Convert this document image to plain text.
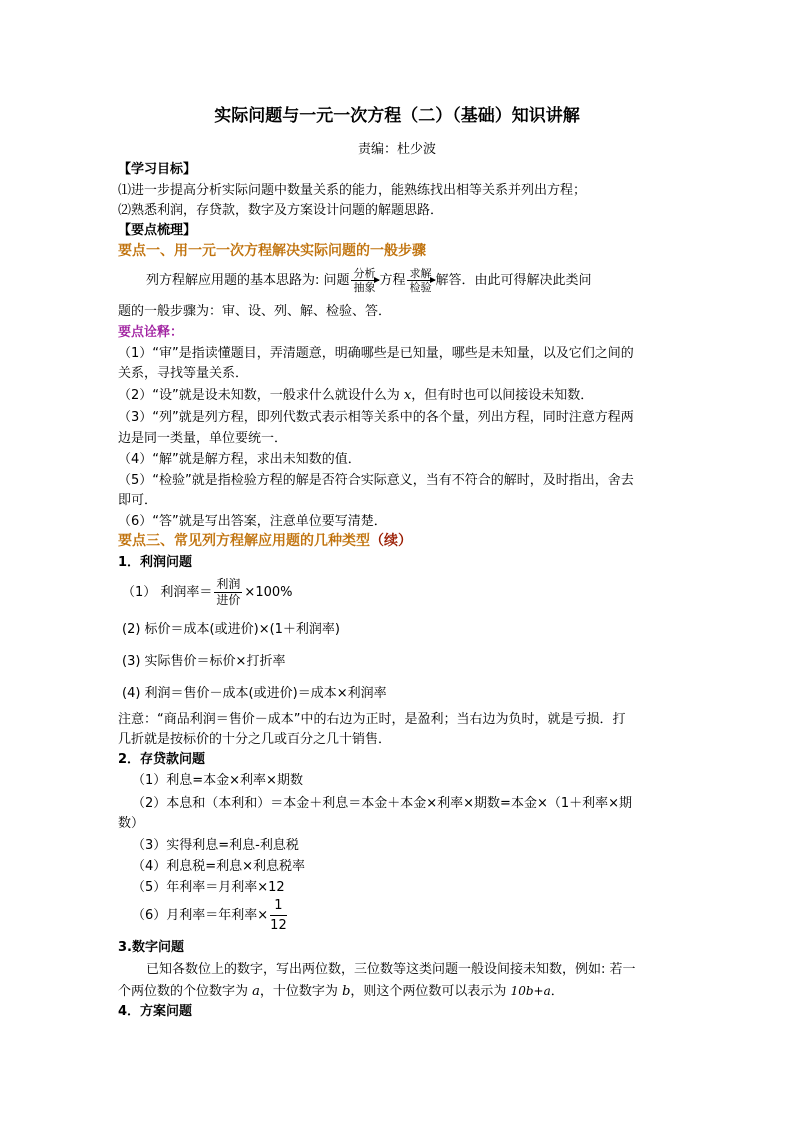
实际问题与一元一次方程（二）（基础）知识讲解
责编：杜少波
【学习目标】
⑴进一步提高分析实际问题中数量关系的能力，能熟练找出相等关系并列出方程；
⑵熟悉利润，存贷款，数字及方案设计问题的解题思路．
【要点梳理】
要点一、用一元一次方程解决实际问题的一般步骤
列方程解应用题的基本思路为: 问题 分析
抽象 方程 求解
检验 解答．由此可得解决此类问
题的一般步骤为：审、设、列、解、检验、答．
要点诠释：
（1）“审”是指读懂题目，弄清题意，明确哪些是已知量，哪些是未知量，以及它们之间的
关系，寻找等量关系．
（2）“设”就是设未知数，一般求什么就设什么为 x，但有时也可以间接设未知数．
（3）“列”就是列方程，即列代数式表示相等关系中的各个量，列出方程，同时注意方程两
边是同一类量，单位要统一．
（4）“解”就是解方程，求出未知数的值．
（5）“检验”就是指检验方程的解是否符合实际意义，当有不符合的解时，及时指出，舍去
即可．
（6）“答”就是写出答案，注意单位要写清楚．
要点三、常见列方程解应用题的几种类型（续）
1．利润问题
（1） 利润率＝ $\frac{\text{利润}}{\text{进价}} \times 100\%$
(2) 标价＝成本(或进价)×(1＋利润率)
(3) 实际售价＝标价×打折率
(4) 利润＝售价－成本(或进价)＝成本×利润率
注意：“商品利润＝售价－成本”中的右边为正时，是盈利；当右边为负时，就是亏损．打
几折就是按标价的十分之几或百分之几十销售．
2．存贷款问题
（1）利息=本金×利率×期数
（2）本息和（本利和）＝本金＋利息＝本金＋本金×利率×期数=本金×（1＋利率×期
数）
（3）实得利息=利息-利息税
（4）利息税=利息×利息税率
（5）年利率＝月利率×12
（6）月利率＝年利率× $\frac{1}{12}$
3.数字问题
已知各数位上的数字，写出两位数，三位数等这类问题一般设间接未知数，例如: 若一
个两位数的个位数字为 a，十位数字为 b，则这个两位数可以表示为 10b+a．
4．方案问题
